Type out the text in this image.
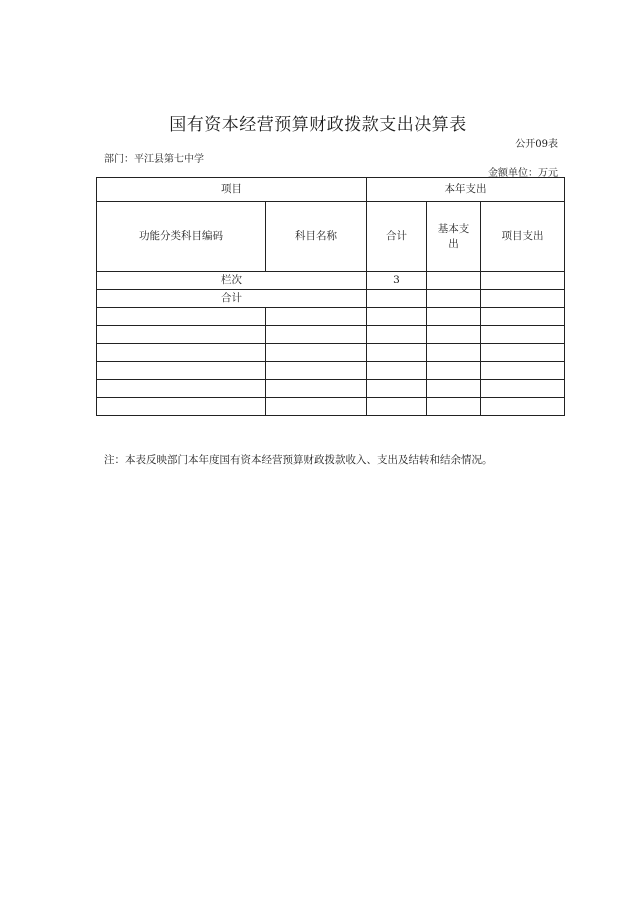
国有资本经营预算财政拨款支出决算表
公开09表
部门：平江县第七中学
金额单位：万元
项目		本年支出		
功能分类科目编码	科目名称	合计	基本支出	项目支出
栏次		3		
合计				

注：本表反映部门本年度国有资本经营预算财政拨款收入、支出及结转和结余情况。
